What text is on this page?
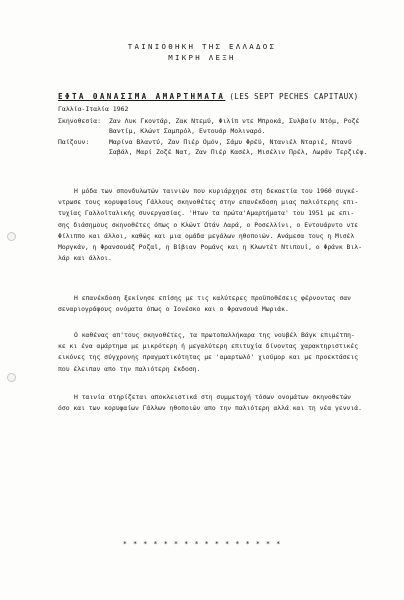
ΤΑΙΝΙΟΘΗΚΗ ΤΗΣ ΕΛΛΑΔΟΣ
ΜΙΚΡΗ ΛΕΞΗ
ΕΦΤΑ ΘΑΝΑΣΙΜΑ ΑΜΑΡΤΗΜΑΤΑ (LES SEPT PECHES CAPITAUX)
Γαλλία-Ιταλία 1962
Σκηνοθεσία: Ζαν Λυκ Γκοντάρ, Ζακ Ντεμύ, Φιλίπ ντε Μπροκά, Συλβαίν Ντόμ, Ροζέ
Βαντίμ, Κλώντ Σαμπρόλ, Εντουάρ Μολιναρό.
Παίζουν:	Μαρίνα Βλαντύ, Ζαν Πιέρ Ομόν, Σάμυ Φρέϋ, Ντανιέλ Νταριέ, Ντανύ
Σαβάλ, Μαρί Ζοζέ Νατ, Ζαν Πιέρ Κασέλ, Μισέλιν Πρέλ, Λωράν Τερζιέφ.
Η μόδα των σπονδυλωτών ταινιών που κυριάρχησε στη δεκαετία του 1960 συγκέ-
ντρωσε τους κορυφαίους Γάλλους σκηνοθέτες στην επανέκδοση μιας παλιότερης επι-
τυχίας Γαλλοϊταλικής συνεργασίας. 'Ητων τα πρώτα'Αμαρτήματα' του 1951 με επι-
σης διάσημους σκηνοθέτες όπως ο Κλώντ Ωτάν Λαρά, ο Ροσελλίνι, ο Εντουάρντο ντε
Φίλιππο και άλλοι, καθώς και μια ομάδα μεγάλων ηθοποιών. Ανάμεσα τους η Μισέλ
Μοργκάν, η Φρανσουάζ Ροζαϊ, η Βίβιαν Ρομάνς και η Κλωντέτ Ντιπουί, ο Φράνκ Βιλ-
λάρ και άλλοι.
Η επανέκδοση ξεκίνησε επίσης με τις καλύτερες προϋποθέσεις φέρνοντας σαν
σεναριογράφους ονόματα όπως ο Ιονέσκο και ο Φρανσουά Μωριάκ.
Ο καθένας απ'τους σκηνοθέτες, τα πρωτοπαλλήκαρα της νουβέλ Βάγκ επιμέτπη-
κε κι ένα αμάρτημα με μικρότερη ή μεγαλύτερη επιτυχία δίνοντας χαρακτηριστικές
εικόνες της σύγχρονης πραγματικότητας με 'αμαρτωλό' χιούμορ και με προεκτάσεις
που έλειπαν απο την παλιότερη έκδοση.
Η ταινία στηρίζεται αποκλειστικά στη συμμετοχή τόσων ονομάτων σκηνοθετών
όσο και των κορυφαίων Γάλλων ηθοποιών απο την παλιότερη αλλά και τη νέα γεννιά.
* * * * * * * * * * * * * * * *
